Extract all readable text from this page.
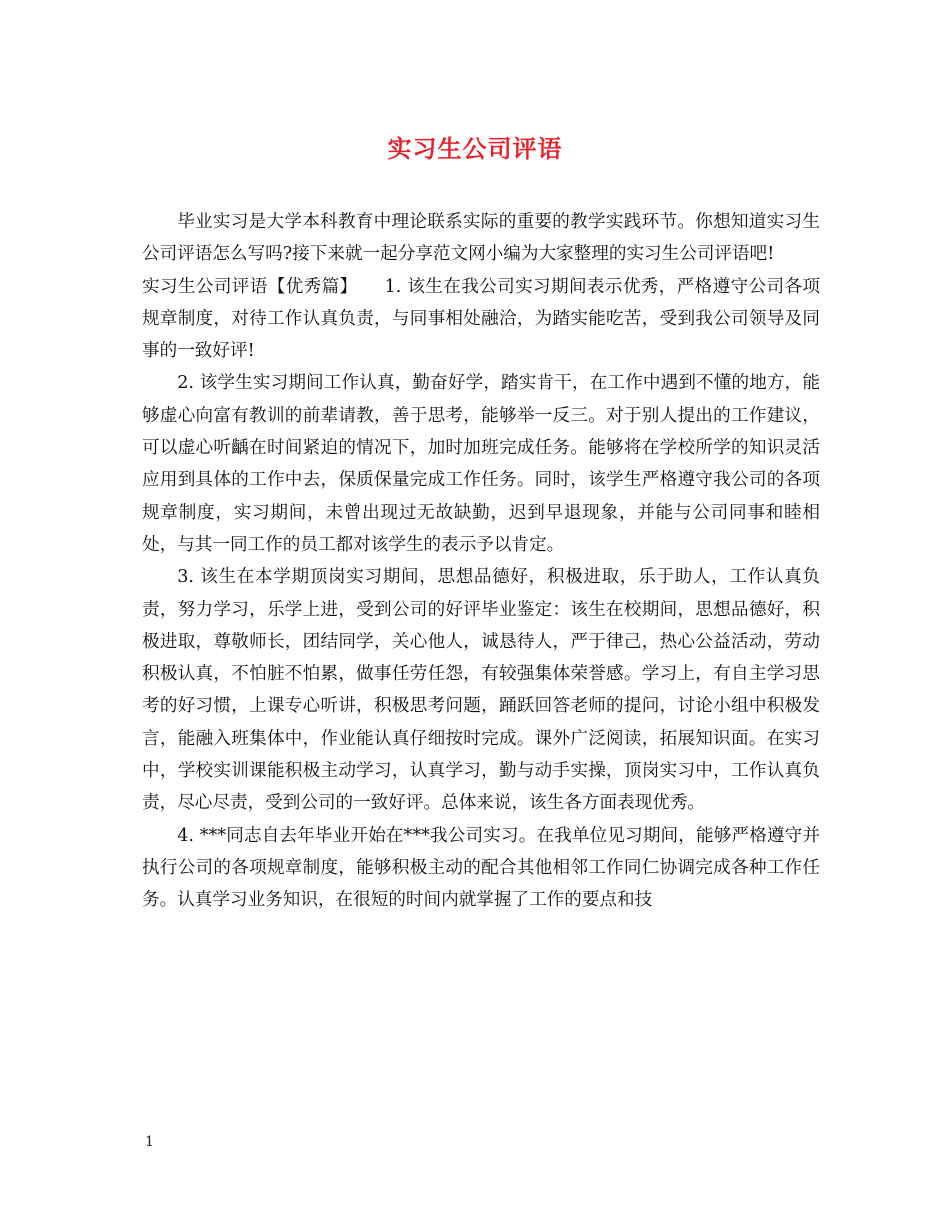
实习生公司评语

毕业实习是大学本科教育中理论联系实际的重要的教学实践环节。你想知道实习生公司评语怎么写吗?接下来就一起分享范文网小编为大家整理的实习生公司评语吧!

实习生公司评语【优秀篇】　　1. 该生在我公司实习期间表示优秀，严格遵守公司各项规章制度，对待工作认真负责，与同事相处融洽，为踏实能吃苦，受到我公司领导及同事的一致好评!

2. 该学生实习期间工作认真，勤奋好学，踏实肯干，在工作中遇到不懂的地方，能够虚心向富有教训的前辈请教，善于思考，能够举一反三。对于别人提出的工作建议，可以虚心听齲在时间紧迫的情况下，加时加班完成任务。能够将在学校所学的知识灵活应用到具体的工作中去，保质保量完成工作任务。同时，该学生严格遵守我公司的各项规章制度，实习期间，未曾出现过无故缺勤，迟到早退现象，并能与公司同事和睦相处，与其一同工作的员工都对该学生的表示予以肯定。

3. 该生在本学期顶岗实习期间，思想品德好，积极进取，乐于助人，工作认真负责，努力学习，乐学上进，受到公司的好评毕业鉴定：该生在校期间，思想品德好，积极进取，尊敬师长，团结同学，关心他人，诚恳待人，严于律己，热心公益活动，劳动积极认真，不怕脏不怕累，做事任劳任怨，有较强集体荣誉感。学习上，有自主学习思考的好习惯，上课专心听讲，积极思考问题，踊跃回答老师的提问，讨论小组中积极发言，能融入班集体中，作业能认真仔细按时完成。课外广泛阅读，拓展知识面。在实习中，学校实训课能积极主动学习，认真学习，勤与动手实操，顶岗实习中，工作认真负责，尽心尽责，受到公司的一致好评。总体来说，该生各方面表现优秀。

4. ***同志自去年毕业开始在***我公司实习。在我单位见习期间，能够严格遵守并执行公司的各项规章制度，能够积极主动的配合其他相邻工作同仁协调完成各种工作任务。认真学习业务知识，在很短的时间内就掌握了工作的要点和技

1
